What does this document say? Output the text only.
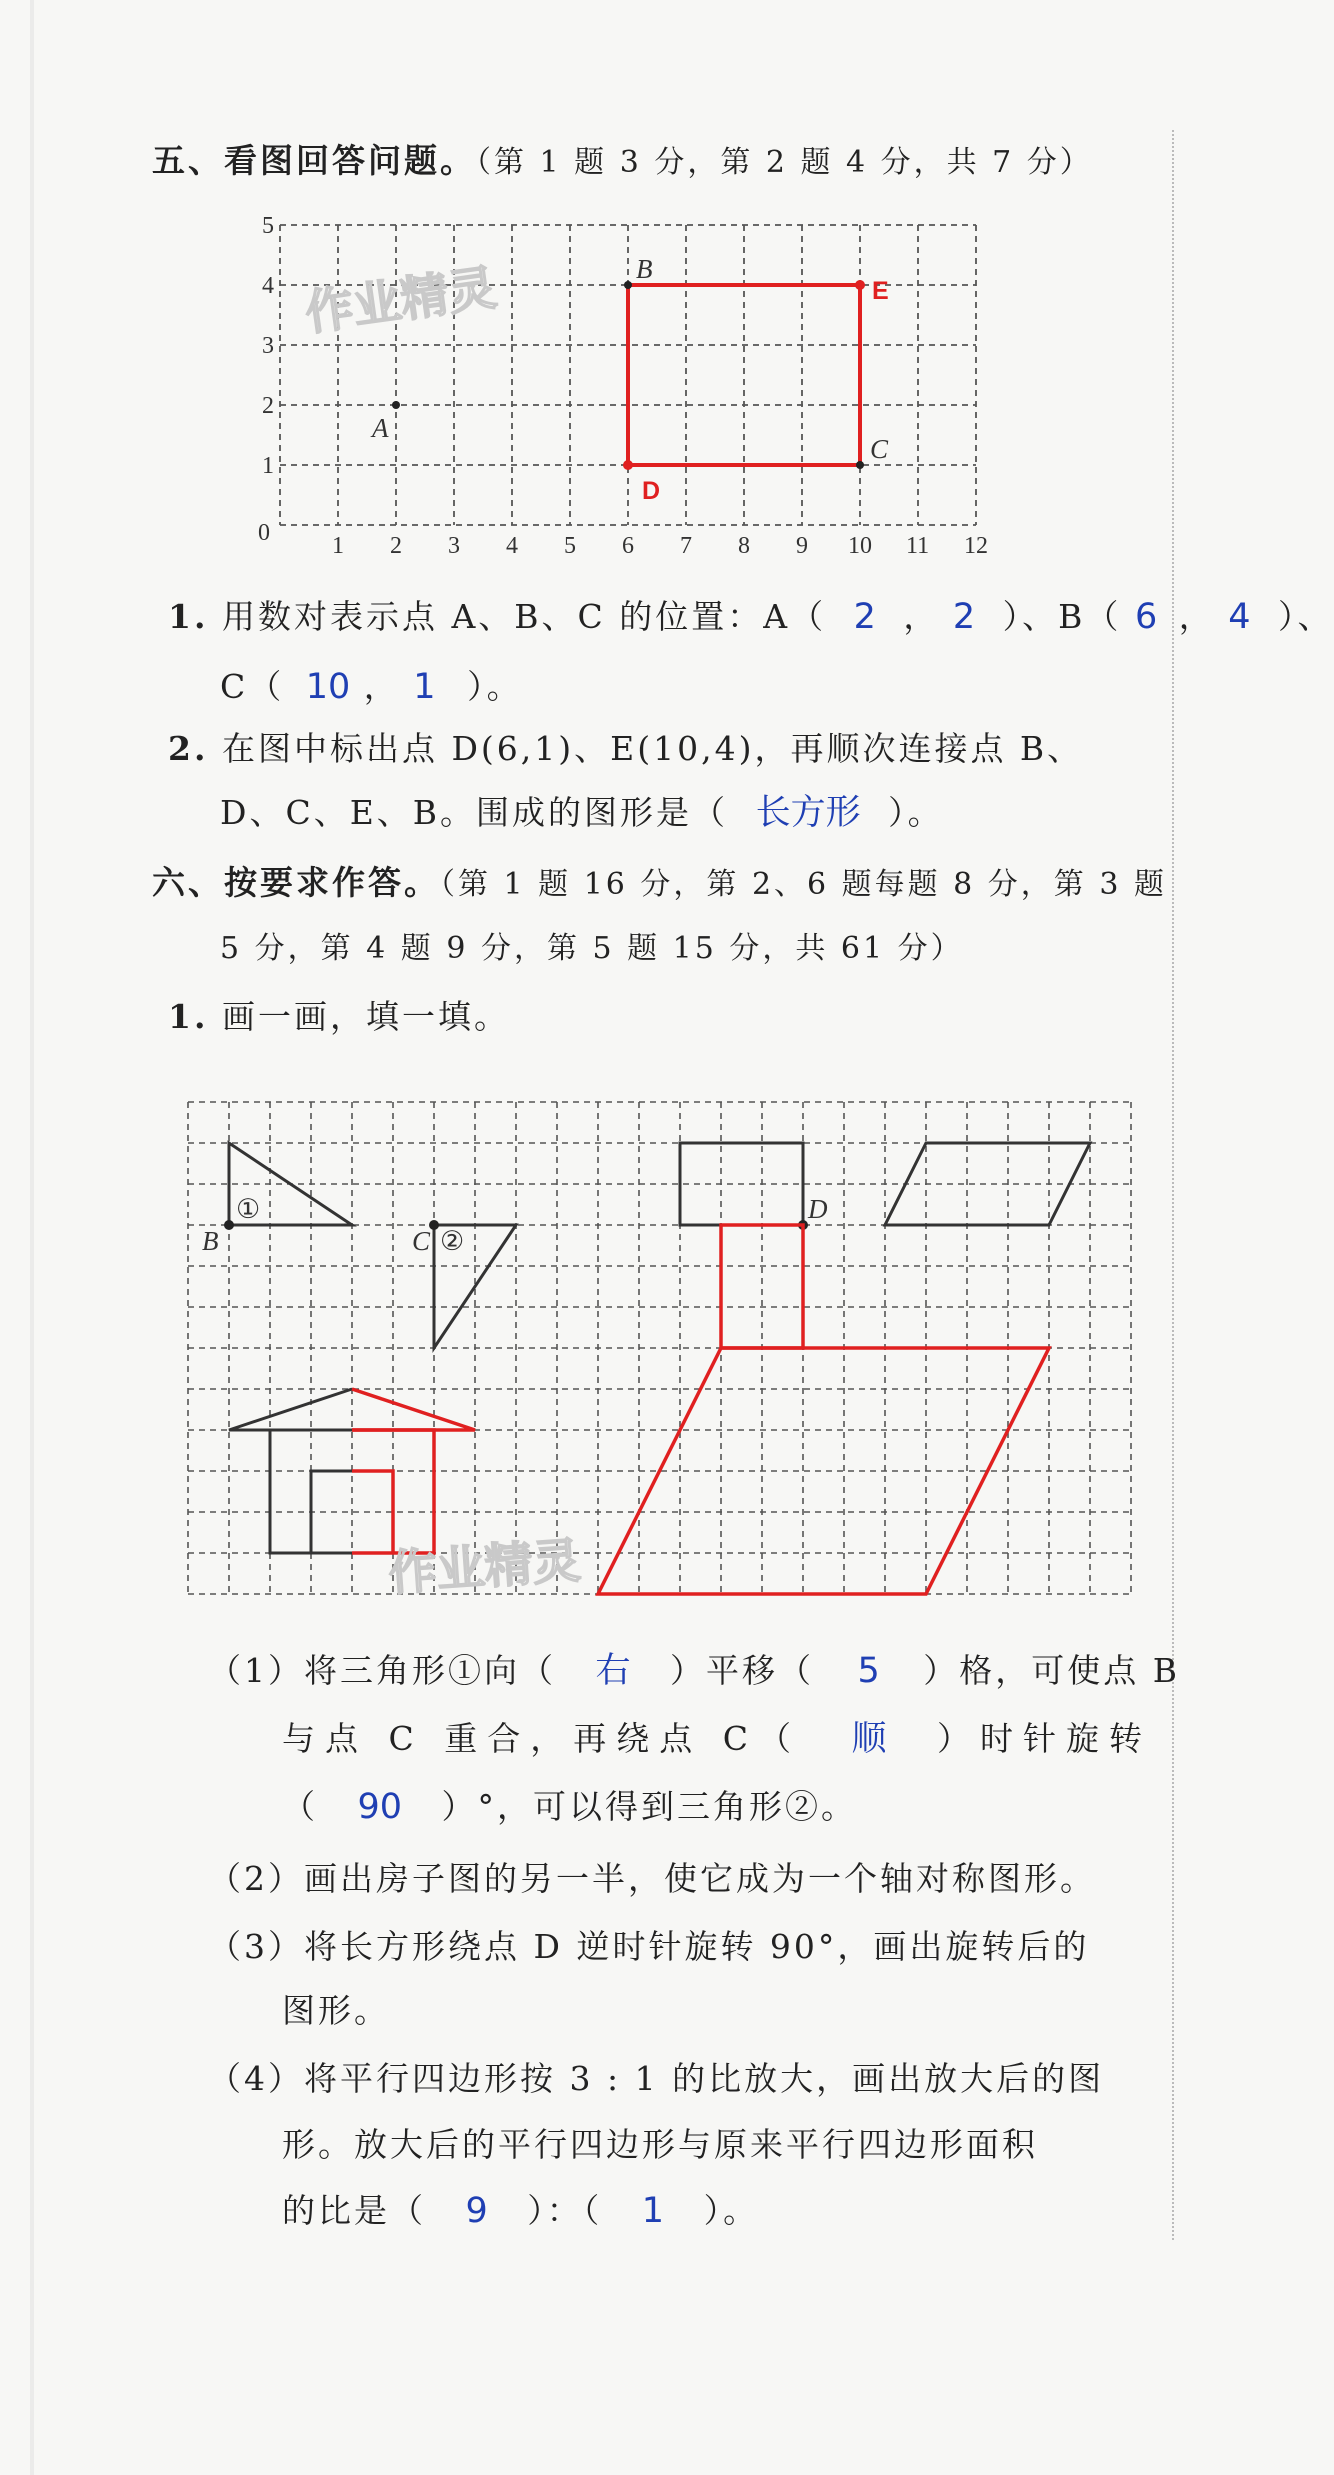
五、看图回答问题。（第 1 题 3 分，第 2 题 4 分，共 7 分）
作业精灵
0	1 2 3 4 5 6 7 8 9 10 11 12
1
2
3
4
5
A
B
C
D
E
1. 用数对表示点 A、B、C 的位置：A（ 2 ， 2 ）、B（ 6 ， 4 ）、
C（ 10 ， 1 ）。
2. 在图中标出点 D(6,1)、E(10,4)，再顺次连接点 B、
D、C、E、B。围成的图形是（ 长方形 ）。
六、按要求作答。（第 1 题 16 分，第 2、6 题每题 8 分，第 3 题
5 分，第 4 题 9 分，第 5 题 15 分，共 61 分）
1. 画一画，填一填。
①
B	②
C
D
作业精灵
（1）将三角形①向（ 右 ）平移（ 5 ）格，可使点 B
与点 C 重合，再绕点 C（ 顺 ）时针旋转
（ 90 ）°，可以得到三角形②。
（2）画出房子图的另一半，使它成为一个轴对称图形。
（3）将长方形绕点 D 逆时针旋转 90°，画出旋转后的
图形。
（4）将平行四边形按 3 : 1 的比放大，画出放大后的图
形。放大后的平行四边形与原来平行四边形面积
的比是（ 9 ）：（ 1 ）。
